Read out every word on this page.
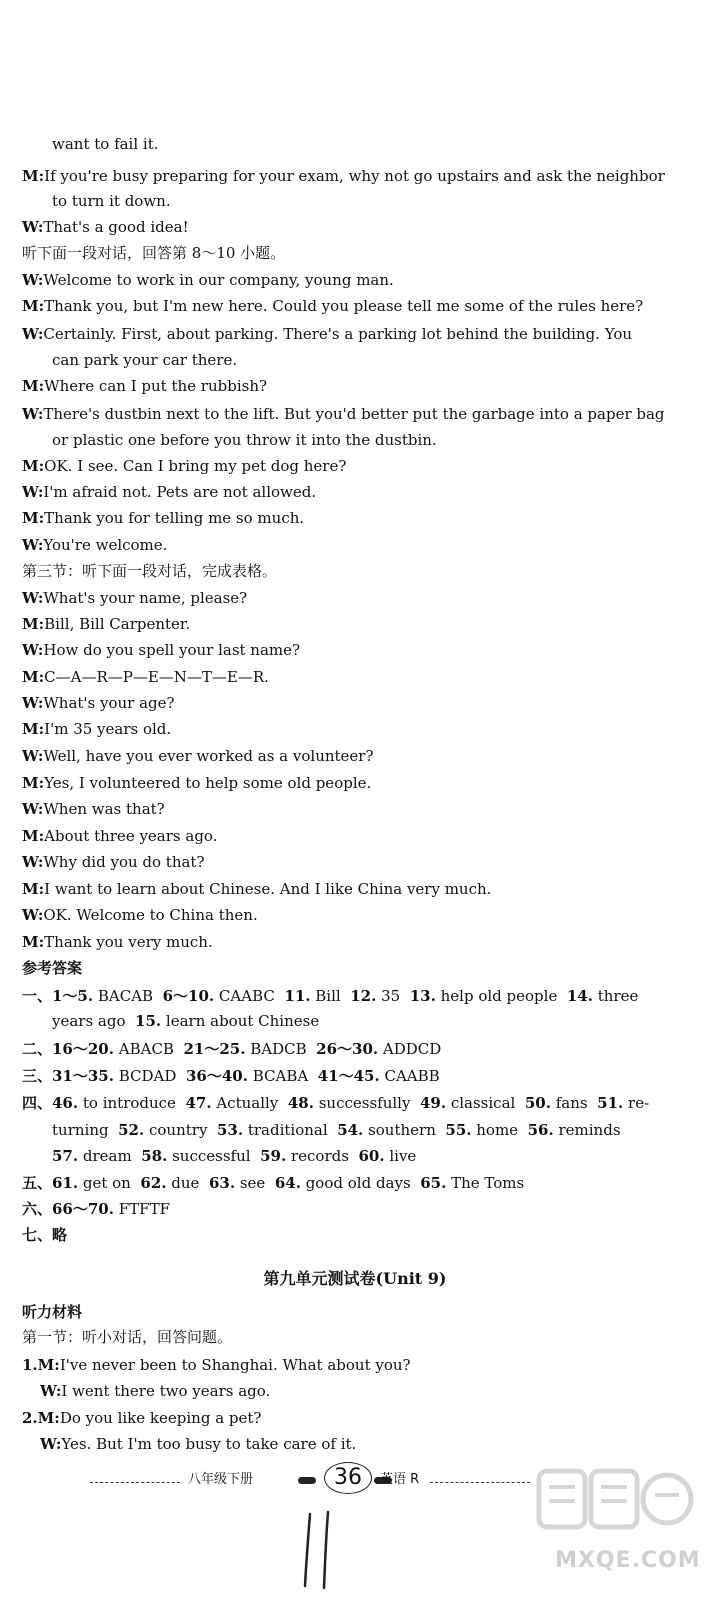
want to fail it.
M:If you're busy preparing for your exam, why not go upstairs and ask the neighbor
to turn it down.
W:That's a good idea!
听下面一段对话，回答第 8～10 小题。
W:Welcome to work in our company, young man.
M:Thank you, but I'm new here. Could you please tell me some of the rules here?
W:Certainly. First, about parking. There's a parking lot behind the building. You
can park your car there.
M:Where can I put the rubbish?
W:There's dustbin next to the lift. But you'd better put the garbage into a paper bag
or plastic one before you throw it into the dustbin.
M:OK. I see. Can I bring my pet dog here?
W:I'm afraid not. Pets are not allowed.
M:Thank you for telling me so much.
W:You're welcome.
第三节：听下面一段对话，完成表格。
W:What's your name, please?
M:Bill, Bill Carpenter.
W:How do you spell your last name?
M:C—A—R—P—E—N—T—E—R.
W:What's your age?
M:I'm 35 years old.
W:Well, have you ever worked as a volunteer?
M:Yes, I volunteered to help some old people.
W:When was that?
M:About three years ago.
W:Why did you do that?
M:I want to learn about Chinese. And I like China very much.
W:OK. Welcome to China then.
M:Thank you very much.
参考答案
一、1～5. BACAB  6～10. CAABC  11. Bill  12. 35  13. help old people  14. three
years ago  15. learn about Chinese
二、16～20. ABACB  21～25. BADCB  26～30. ADDCD
三、31～35. BCDAD  36～40. BCABA  41～45. CAABB
四、46. to introduce  47. Actually  48. successfully  49. classical  50. fans  51. re-
turning  52. country  53. traditional  54. southern  55. home  56. reminds
57. dream  58. successful  59. records  60. live
五、61. get on  62. due  63. see  64. good old days  65. The Toms
六、66～70. FTFTF
七、略
第九单元测试卷(Unit 9)
听力材料
第一节：听小对话，回答问题。
1.M:I've never been to Shanghai. What about you?
W:I went there two years ago.
2.M:Do you like keeping a pet?
W:Yes. But I'm too busy to take care of it.
八年级下册	36	英语 R
MXQE.COM
